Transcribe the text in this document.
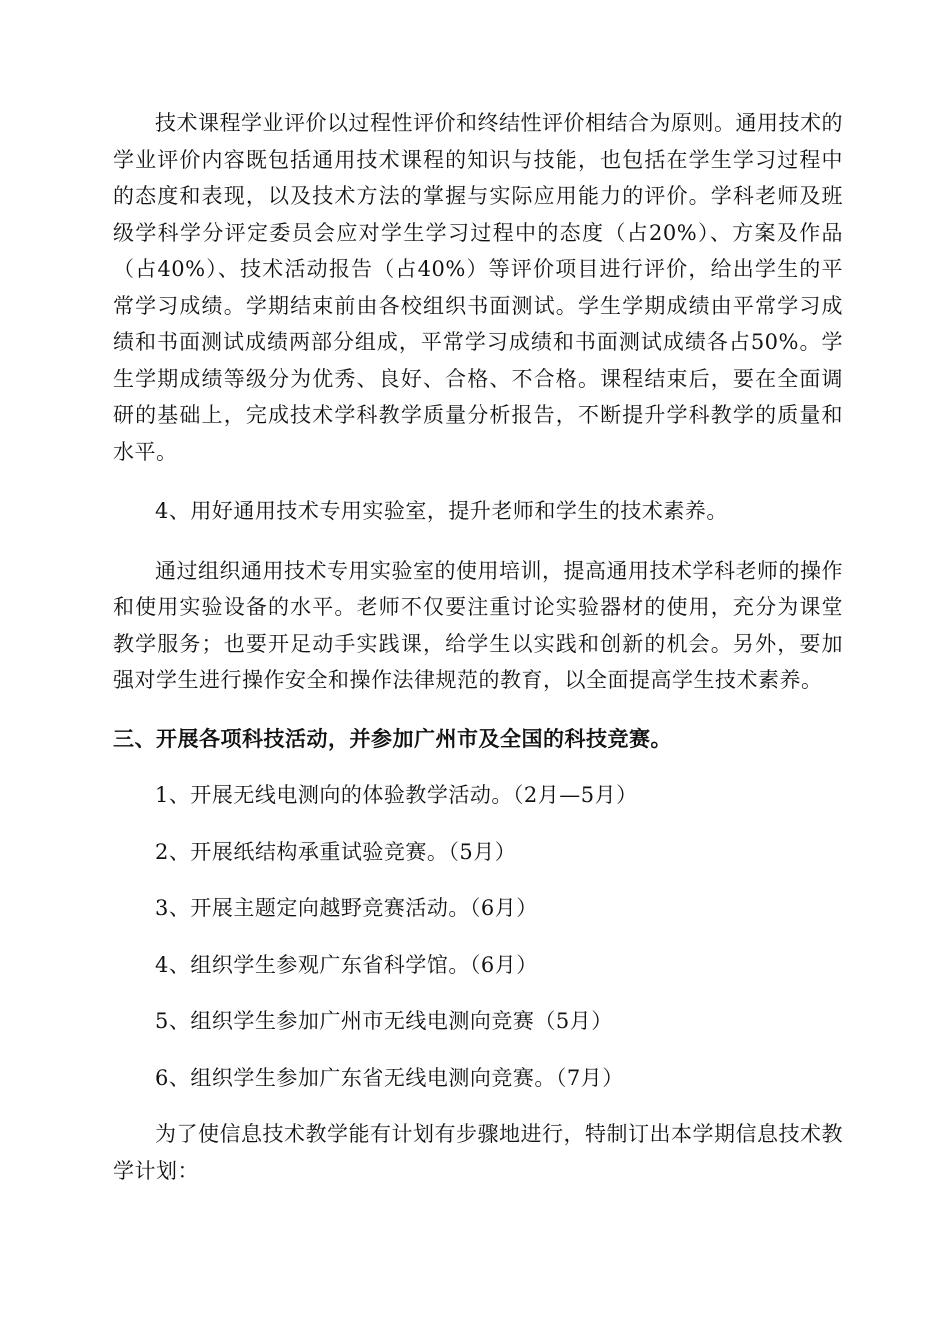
技术课程学业评价以过程性评价和终结性评价相结合为原则。通用技术的学业评价内容既包括通用技术课程的知识与技能，也包括在学生学习过程中的态度和表现，以及技术方法的掌握与实际应用能力的评价。学科老师及班级学科学分评定委员会应对学生学习过程中的态度（占20%）、方案及作品（占40%）、技术活动报告（占40%）等评价项目进行评价，给出学生的平常学习成绩。学期结束前由各校组织书面测试。学生学期成绩由平常学习成绩和书面测试成绩两部分组成，平常学习成绩和书面测试成绩各占50%。学生学期成绩等级分为优秀、良好、合格、不合格。课程结束后，要在全面调研的基础上，完成技术学科教学质量分析报告，不断提升学科教学的质量和水平。

4、用好通用技术专用实验室，提升老师和学生的技术素养。

通过组织通用技术专用实验室的使用培训，提高通用技术学科老师的操作和使用实验设备的水平。老师不仅要注重讨论实验器材的使用，充分为课堂教学服务；也要开足动手实践课，给学生以实践和创新的机会。另外，要加强对学生进行操作安全和操作法律规范的教育，以全面提高学生技术素养。

三、开展各项科技活动，并参加广州市及全国的科技竞赛。

1、开展无线电测向的体验教学活动。（2月—5月）

2、开展纸结构承重试验竞赛。（5月）

3、开展主题定向越野竞赛活动。（6月）

4、组织学生参观广东省科学馆。（6月）

5、组织学生参加广州市无线电测向竞赛（5月）

6、组织学生参加广东省无线电测向竞赛。（7月）

为了使信息技术教学能有计划有步骤地进行，特制订出本学期信息技术教学计划：
